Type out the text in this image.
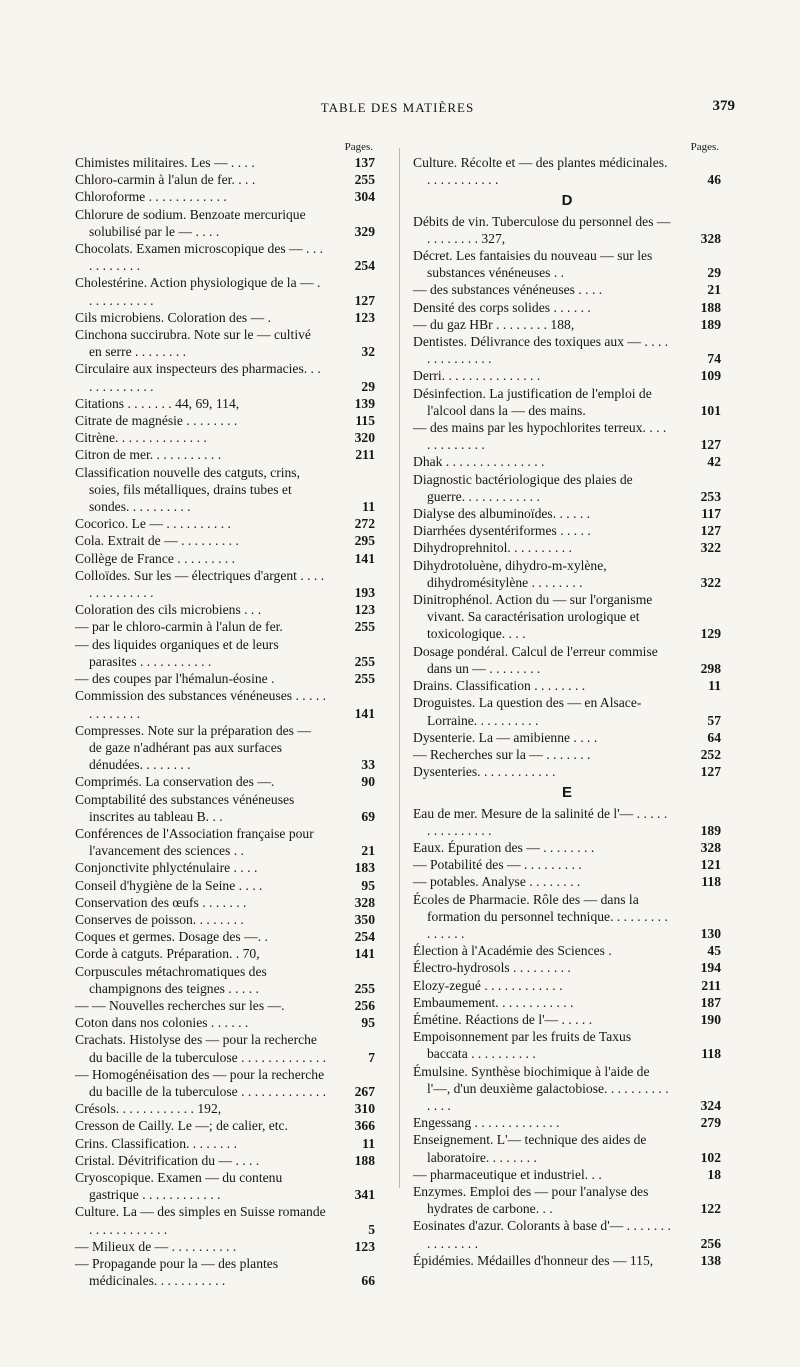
TABLE DES MATIÈRES	379
Pages.
Chimistes militaires. Les — . . . .	137
Chloro-carmin à l'alun de fer. . . .	255
Chloroforme . . . . . . . . . . . .	304
Chlorure de sodium. Benzoate mercurique solubilisé par le — . . . .	329
Chocolats. Examen microscopique des — . . . . . . . . . . .	254
Cholestérine. Action physiologique de la — . . . . . . . . . . .	127
Cils microbiens. Coloration des — .	123
Cinchona succirubra. Note sur le — cultivé en serre . . . . . . . .	32
Circulaire aux inspecteurs des pharmacies. . . . . . . . . . . . .	29
Citations . . . . . . . 44, 69, 114,	139
Citrate de magnésie . . . . . . . .	115
Citrène. . . . . . . . . . . . . .	320
Citron de mer. . . . . . . . . . .	211
Classification nouvelle des catguts, crins, soies, fils métalliques, drains tubes et sondes. . . . . . . . . .	11
Cocorico. Le — . . . . . . . . . .	272
Cola. Extrait de — . . . . . . . . .	295
Collège de France . . . . . . . . .	141
Colloïdes. Sur les — électriques d'argent . . . . . . . . . . . . . .	193
Coloration des cils microbiens . . .	123
— par le chloro-carmin à l'alun de fer.	255
— des liquides organiques et de leurs parasites . . . . . . . . . . .	255
— des coupes par l'hémalun-éosine .	255
Commission des substances vénéneuses . . . . . . . . . . . . .	141
Compresses. Note sur la préparation des — de gaze n'adhérant pas aux surfaces dénudées. . . . . . . .	33
Comprimés. La conservation des —.	90
Comptabilité des substances vénéneuses inscrites au tableau B. . .	69
Conférences de l'Association française pour l'avancement des sciences . .	21
Conjonctivite phlycténulaire . . . .	183
Conseil d'hygiène de la Seine . . . .	95
Conservation des œufs . . . . . . .	328
Conserves de poisson. . . . . . . .	350
Coques et germes. Dosage des —. .	254
Corde à catguts. Préparation. . 70,	141
Corpuscules métachromatiques des champignons des teignes . . . . .	255
— — Nouvelles recherches sur les —.	256
Coton dans nos colonies . . . . . .	95
Crachats. Histolyse des — pour la recherche du bacille de la tuberculose . . . . . . . . . . . . .	7
— Homogénéisation des — pour la recherche du bacille de la tuberculose . . . . . . . . . . . . .	267
Crésols. . . . . . . . . . . . 192,	310
Cresson de Cailly. Le —; de calier, etc.	366
Crins. Classification. . . . . . . .	11
Cristal. Dévitrification du — . . . .	188
Cryoscopique. Examen — du contenu gastrique . . . . . . . . . . . .	341
Culture. La — des simples en Suisse romande . . . . . . . . . . . .	5
— Milieux de — . . . . . . . . . .	123
— Propagande pour la — des plantes médicinales. . . . . . . . . . .	66
Pages.
Culture. Récolte et — des plantes médicinales. . . . . . . . . . . .	46
D
Débits de vin. Tuberculose du personnel des — . . . . . . . . 327,	328
Décret. Les fantaisies du nouveau — sur les substances vénéneuses . .	29
— des substances vénéneuses . . . .	21
Densité des corps solides . . . . . .	188
— du gaz HBr . . . . . . . . 188,	189
Dentistes. Délivrance des toxiques aux — . . . . . . . . . . . . . .	74
Derri. . . . . . . . . . . . . . .	109
Désinfection. La justification de l'emploi de l'alcool dans la — des mains.	101
— des mains par les hypochlorites terreux. . . . . . . . . . . . .	127
Dhak . . . . . . . . . . . . . . .	42
Diagnostic bactériologique des plaies de guerre. . . . . . . . . . . .	253
Dialyse des albuminoïdes. . . . . .	117
Diarrhées dysentériformes . . . . .	127
Dihydroprehnitol. . . . . . . . . .	322
Dihydrotoluène, dihydro-m-xylène, dihydromésitylène . . . . . . . .	322
Dinitrophénol. Action du — sur l'organisme vivant. Sa caractérisation urologique et toxicologique. . . .	129
Dosage pondéral. Calcul de l'erreur commise dans un — . . . . . . . .	298
Drains. Classification . . . . . . . .	11
Droguistes. La question des — en Alsace-Lorraine. . . . . . . . . .	57
Dysenterie. La — amibienne . . . .	64
— Recherches sur la — . . . . . . .	252
Dysenteries. . . . . . . . . . . .	127
E
Eau de mer. Mesure de la salinité de l'— . . . . . . . . . . . . . . .	189
Eaux. Épuration des — . . . . . . . .	328
— Potabilité des — . . . . . . . . .	121
— potables. Analyse . . . . . . . .	118
Écoles de Pharmacie. Rôle des — dans la formation du personnel technique. . . . . . . . . . . . . . .	130
Élection à l'Académie des Sciences .	45
Électro-hydrosols . . . . . . . . .	194
Elozy-zegué . . . . . . . . . . . .	211
Embaumement. . . . . . . . . . . .	187
Émétine. Réactions de l'— . . . . .	190
Empoisonnement par les fruits de Taxus baccata . . . . . . . . . .	118
Émulsine. Synthèse biochimique à l'aide de l'—, d'un deuxième galactobiose. . . . . . . . . . . . . .	324
Engessang . . . . . . . . . . . . .	279
Enseignement. L'— technique des aides de laboratoire. . . . . . . .	102
— pharmaceutique et industriel. . .	18
Enzymes. Emploi des — pour l'analyse des hydrates de carbone. . .	122
Eosinates d'azur. Colorants à base d'— . . . . . . . . . . . . . . .	256
Épidémies. Médailles d'honneur des — 115,	138
